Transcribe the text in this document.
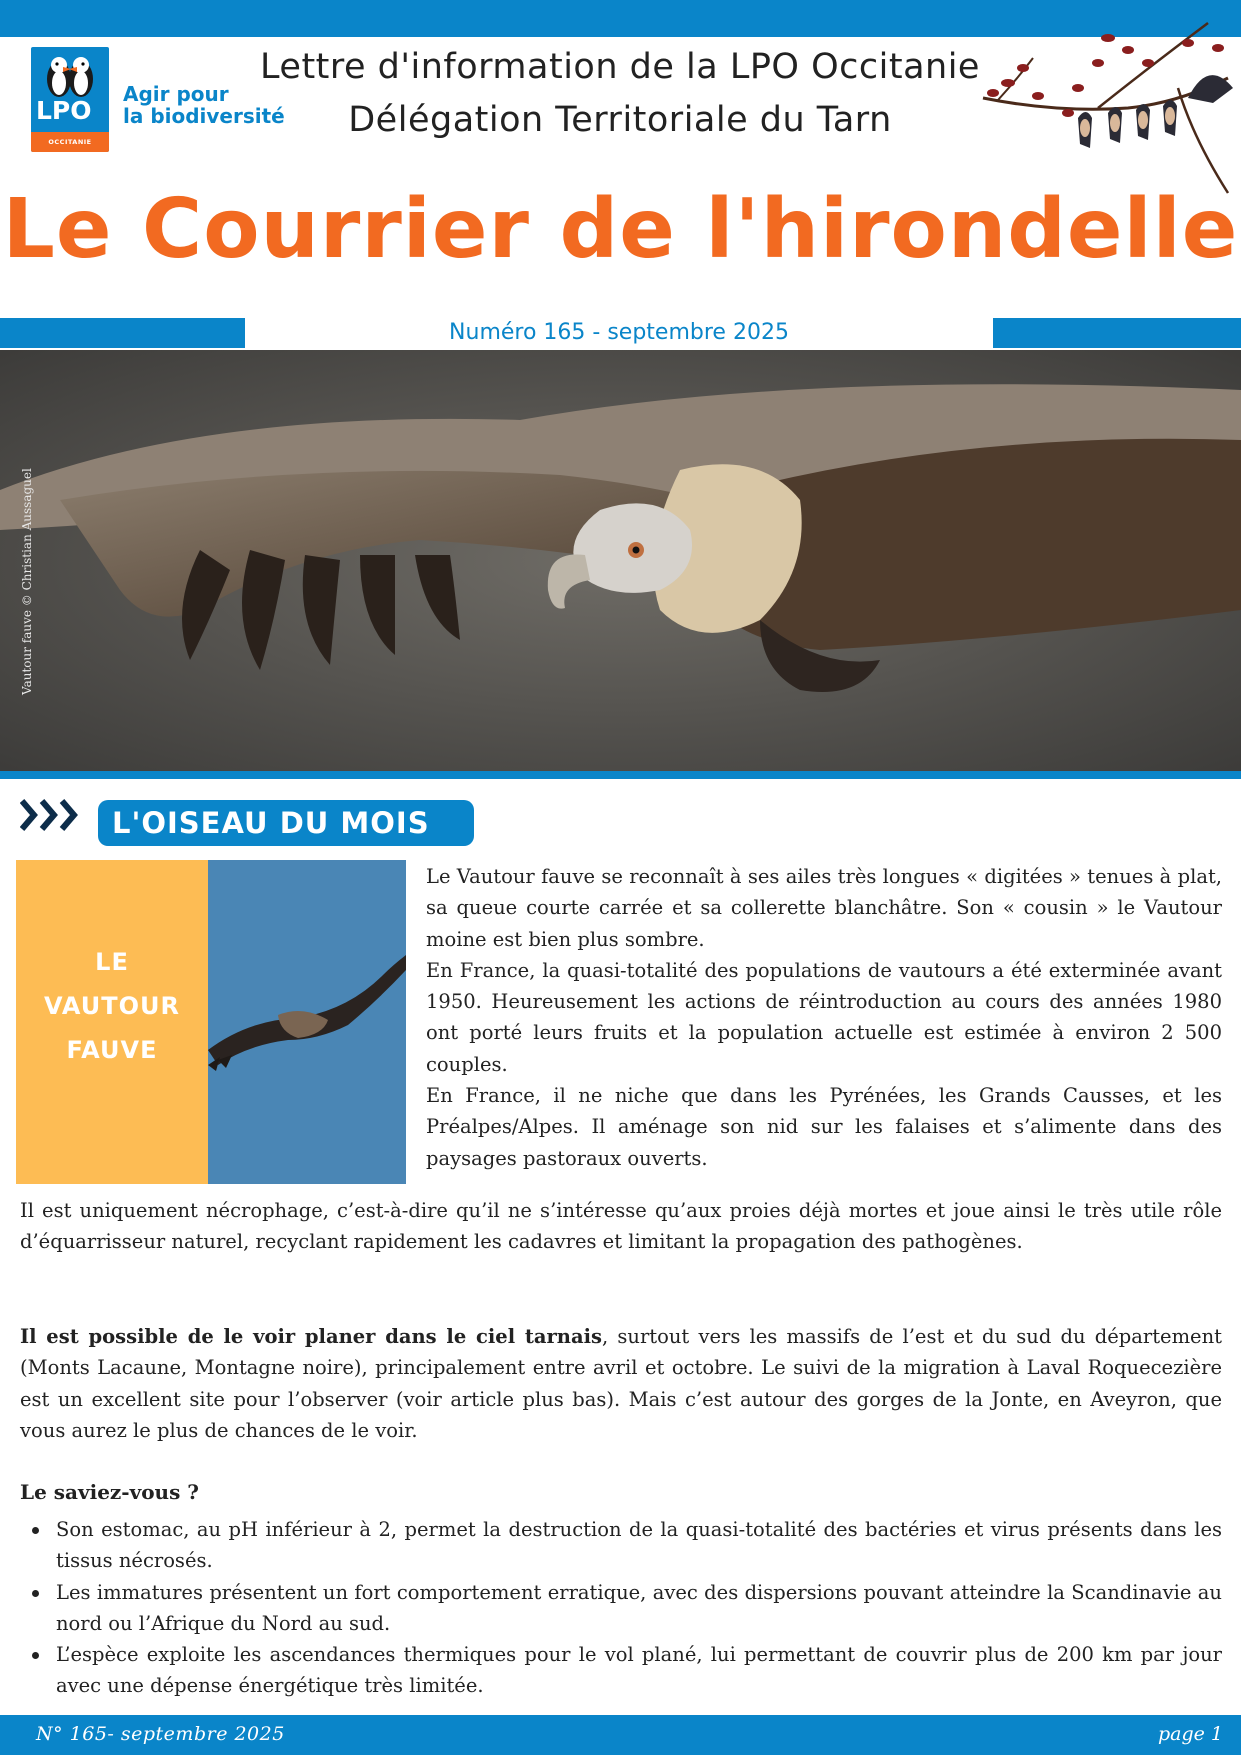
LPO
OCCITANIE
Agir pour
la biodiversité
Lettre d'information de la LPO Occitanie
Délégation Territoriale du Tarn
Le Courrier de l'hirondelle
Numéro 165 - septembre 2025
L'OISEAU DU MOIS
LE
VAUTOUR
FAUVE

Le Vautour fauve se reconnaît à ses ailes très longues « digitées » tenues à plat, sa queue courte carrée et sa collerette blanchâtre. Son « cousin » le Vautour moine est bien plus sombre.

En France, la quasi-totalité des populations de vautours a été exterminée avant 1950. Heureusement les actions de réintroduction au cours des années 1980 ont porté leurs fruits et la population actuelle est estimée à environ 2 500 couples.

En France, il ne niche que dans les Pyrénées, les Grands Causses, et les Préalpes/Alpes. Il aménage son nid sur les falaises et s’alimente dans des paysages pastoraux ouverts.

Il est uniquement nécrophage, c’est-à-dire qu’il ne s’intéresse qu’aux proies déjà mortes et joue ainsi le très utile rôle d’équarrisseur naturel, recyclant rapidement les cadavres et limitant la propagation des pathogènes.
Il est possible de le voir planer dans le ciel tarnais, surtout vers les massifs de l’est et du sud du département (Monts Lacaune, Montagne noire), principalement entre avril et octobre. Le suivi de la migration à Laval Roquecezière est un excellent site pour l’observer (voir article plus bas). Mais c’est autour des gorges de la Jonte, en Aveyron, que vous aurez le plus de chances de le voir.
Le saviez-vous ?
Son estomac, au pH inférieur à 2, permet la destruction de la quasi-totalité des bactéries et virus présents dans les tissus nécrosés.
Les immatures présentent un fort comportement erratique, avec des dispersions pouvant atteindre la Scandinavie au nord ou l’Afrique du Nord au sud.
L’espèce exploite les ascendances thermiques pour le vol plané, lui permettant de couvrir plus de 200 km par jour avec une dépense énergétique très limitée.
N° 165- septembre 2025	page 1
